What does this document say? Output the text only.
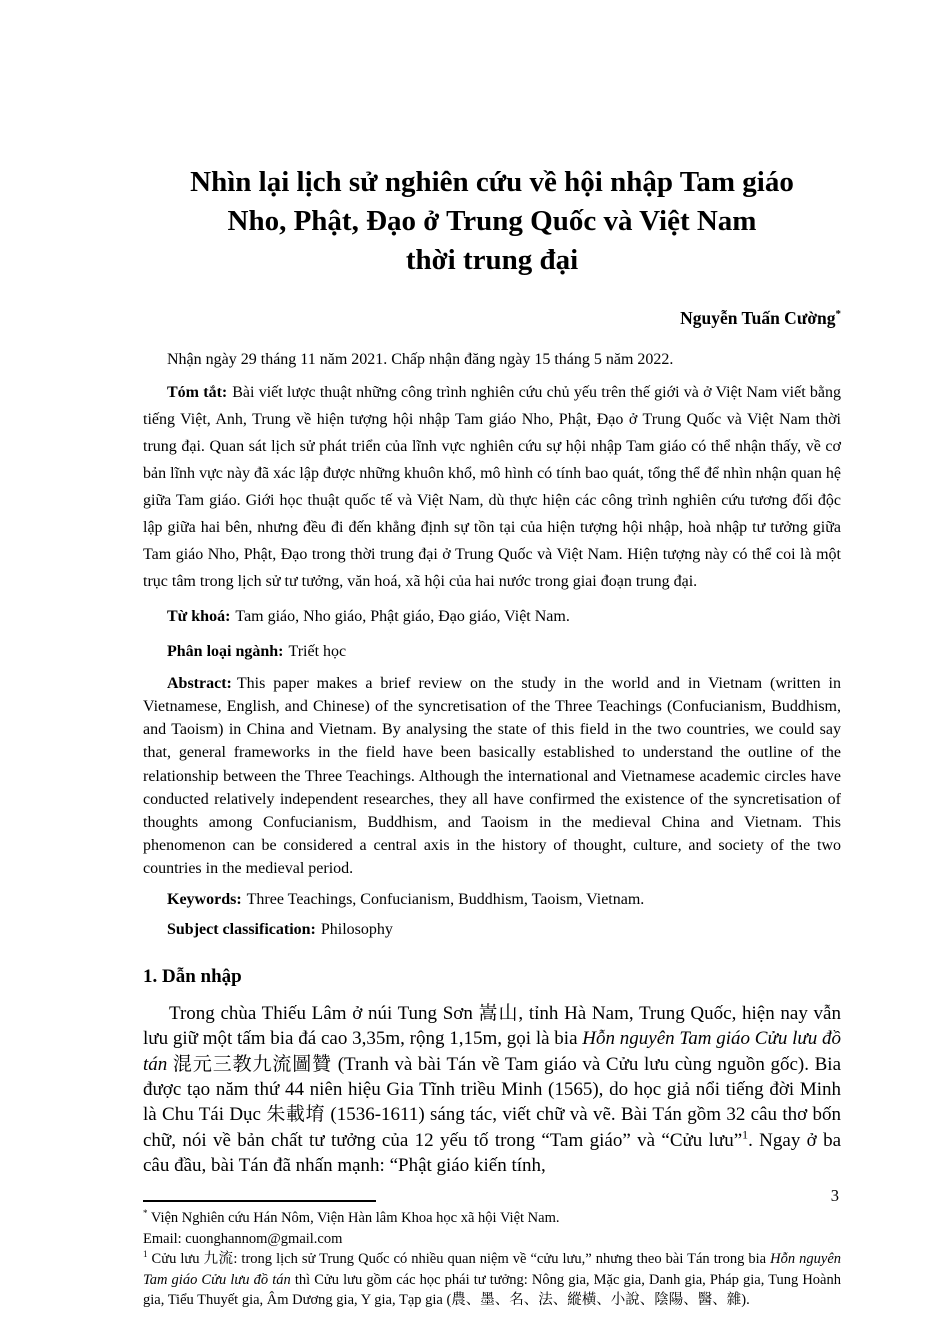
Nhìn lại lịch sử nghiên cứu về hội nhập Tam giáo
Nho, Phật, Đạo ở Trung Quốc và Việt Nam
thời trung đại
Nguyễn Tuấn Cường*

Nhận ngày 29 tháng 11 năm 2021. Chấp nhận đăng ngày 15 tháng 5 năm 2022.

Tóm tắt: Bài viết lược thuật những công trình nghiên cứu chủ yếu trên thế giới và ở Việt Nam viết bằng tiếng Việt, Anh, Trung về hiện tượng hội nhập Tam giáo Nho, Phật, Đạo ở Trung Quốc và Việt Nam thời trung đại. Quan sát lịch sử phát triển của lĩnh vực nghiên cứu sự hội nhập Tam giáo có thể nhận thấy, về cơ bản lĩnh vực này đã xác lập được những khuôn khổ, mô hình có tính bao quát, tổng thể để nhìn nhận quan hệ giữa Tam giáo. Giới học thuật quốc tế và Việt Nam, dù thực hiện các công trình nghiên cứu tương đối độc lập giữa hai bên, nhưng đều đi đến khẳng định sự tồn tại của hiện tượng hội nhập, hoà nhập tư tưởng giữa Tam giáo Nho, Phật, Đạo trong thời trung đại ở Trung Quốc và Việt Nam. Hiện tượng này có thể coi là một trục tâm trong lịch sử tư tưởng, văn hoá, xã hội của hai nước trong giai đoạn trung đại.

Từ khoá: Tam giáo, Nho giáo, Phật giáo, Đạo giáo, Việt Nam.

Phân loại ngành: Triết học

Abstract: This paper makes a brief review on the study in the world and in Vietnam (written in Vietnamese, English, and Chinese) of the syncretisation of the Three Teachings (Confucianism, Buddhism, and Taoism) in China and Vietnam. By analysing the state of this field in the two countries, we could say that, general frameworks in the field have been basically established to understand the outline of the relationship between the Three Teachings. Although the international and Vietnamese academic circles have conducted relatively independent researches, they all have confirmed the existence of the syncretisation of thoughts among Confucianism, Buddhism, and Taoism in the medieval China and Vietnam. This phenomenon can be considered a central axis in the history of thought, culture, and society of the two countries in the medieval period.

Keywords: Three Teachings, Confucianism, Buddhism, Taoism, Vietnam.

Subject classification: Philosophy

1. Dẫn nhập

Trong chùa Thiếu Lâm ở núi Tung Sơn 嵩山, tỉnh Hà Nam, Trung Quốc, hiện nay vẫn lưu giữ một tấm bia đá cao 3,35m, rộng 1,15m, gọi là bia Hỗn nguyên Tam giáo Cửu lưu đồ tán 混元三教九流圖贊 (Tranh và bài Tán về Tam giáo và Cửu lưu cùng nguồn gốc). Bia được tạo năm thứ 44 niên hiệu Gia Tĩnh triều Minh (1565), do học giả nổi tiếng đời Minh là Chu Tái Dục 朱載堉 (1536-1611) sáng tác, viết chữ và vẽ. Bài Tán gồm 32 câu thơ bốn chữ, nói về bản chất tư tưởng của 12 yếu tố trong “Tam giáo” và “Cửu lưu”$^1$. Ngay ở ba câu đầu, bài Tán đã nhấn mạnh: “Phật giáo kiến tính,

* Viện Nghiên cứu Hán Nôm, Viện Hàn lâm Khoa học xã hội Việt Nam.
Email: cuonghannom@gmail.com
$^1$ Cửu lưu 九流: trong lịch sử Trung Quốc có nhiều quan niệm về “cửu lưu,” nhưng theo bài Tán trong bia Hỗn nguyên Tam giáo Cửu lưu đồ tán thì Cửu lưu gồm các học phái tư tưởng: Nông gia, Mặc gia, Danh gia, Pháp gia, Tung Hoành gia, Tiểu Thuyết gia, Âm Dương gia, Y gia, Tạp gia (農、墨、名、法、縱橫、小說、陰陽、醫、雜).
3
